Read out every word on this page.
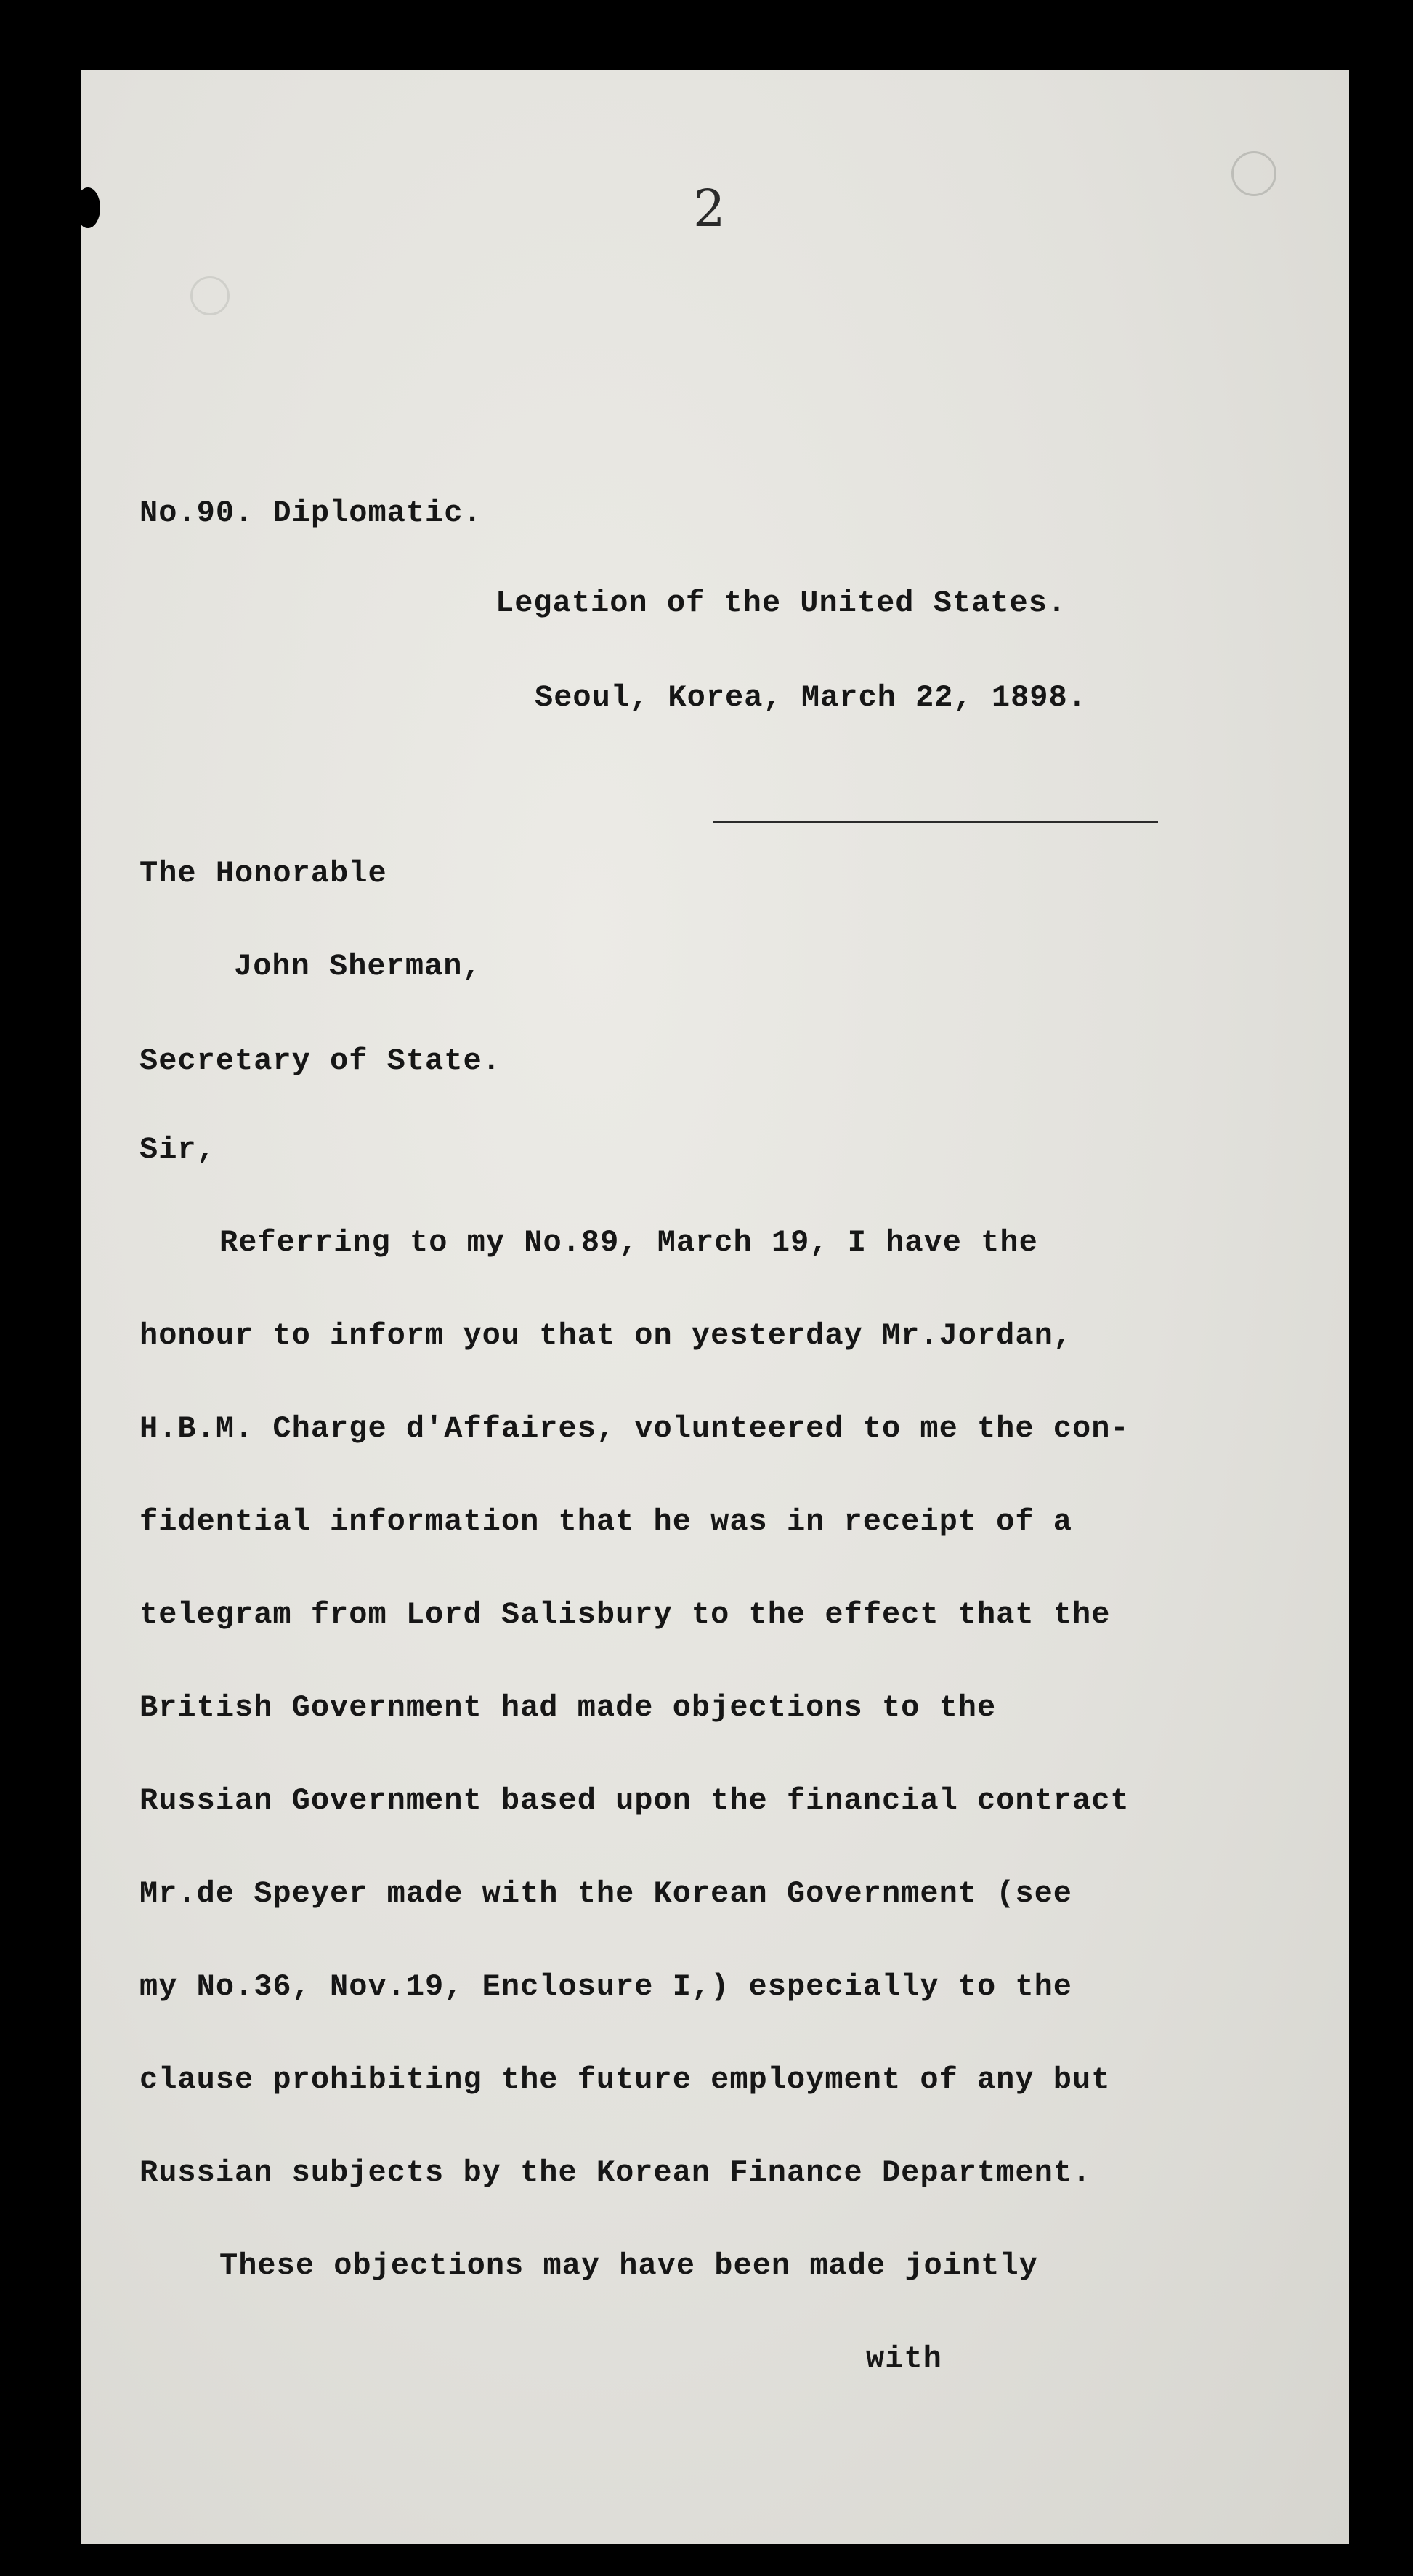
2
No.90. Diplomatic.
Legation of the United States.
Seoul, Korea, March 22, 1898.
The Honorable
John Sherman,
Secretary of State.
Sir,
Referring to my No.89, March 19, I have the
honour to inform you that on yesterday Mr.Jordan,
H.B.M. Charge d'Affaires, volunteered to me the con-
fidential information that he was in receipt of a
telegram from Lord Salisbury to the effect that the
British Government had made objections to the
Russian Government based upon the financial contract
Mr.de Speyer made with the Korean Government (see
my No.36, Nov.19, Enclosure I,) especially to the
clause prohibiting the future employment of any but
Russian subjects by the Korean Finance Department.
These objections may have been made jointly
with
